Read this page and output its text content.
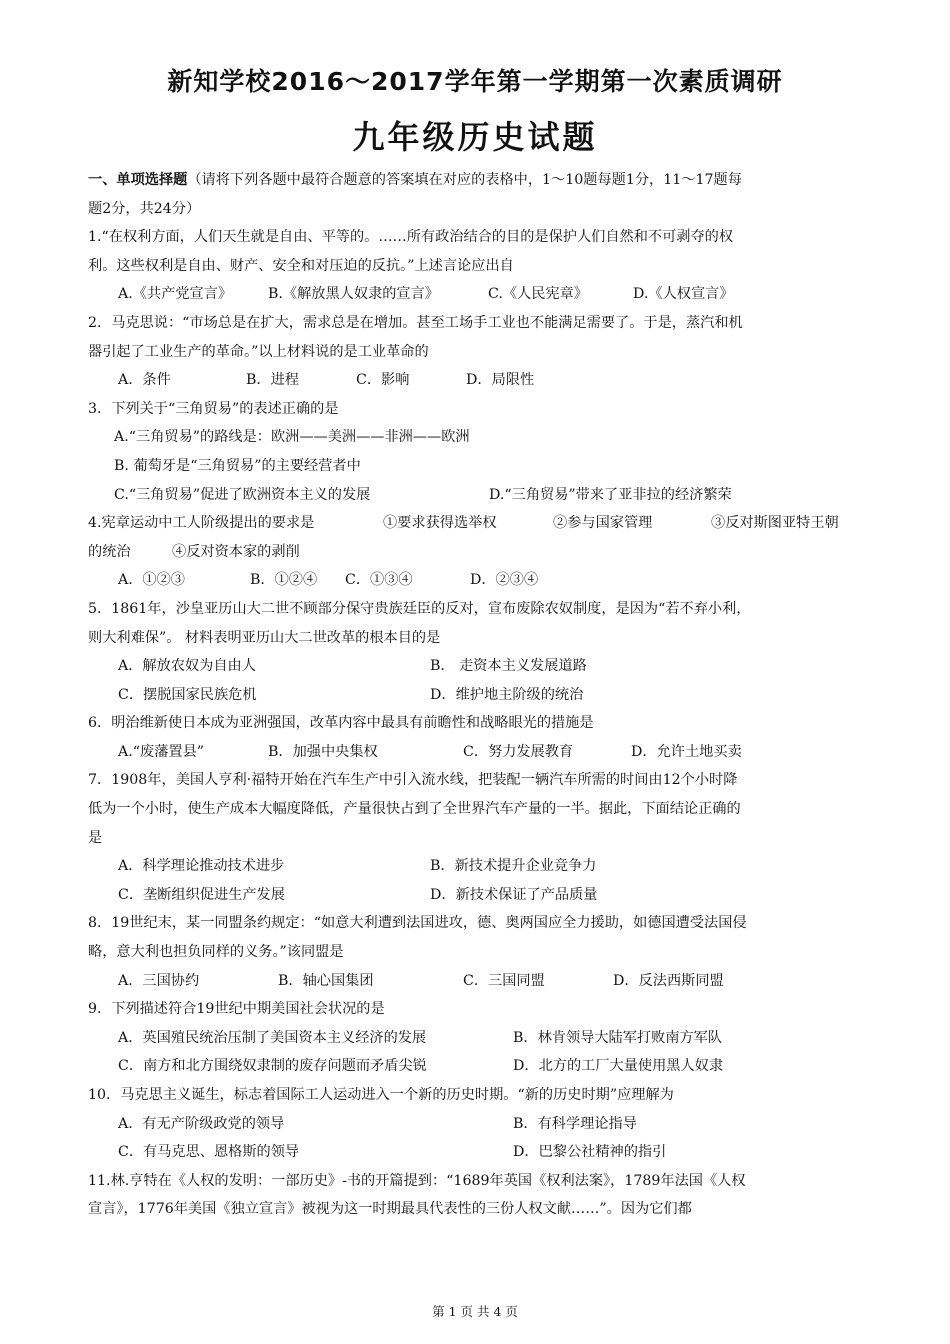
新知学校2016～2017学年第一学期第一次素质调研
九年级历史试题
一、单项选择题（请将下列各题中最符合题意的答案填在对应的表格中，1～10题每题1分，11～17题每
题2分，共24分）
1.“在权利方面，人们天生就是自由、平等的。……所有政治结合的目的是保护人们自然和不可剥夺的权
利。这些权利是自由、财产、安全和对压迫的反抗。”上述言论应出自
A.《共产党宣言》	B.《解放黑人奴隶的宣言》	C.《人民宪章》	D.《人权宣言》
2．马克思说：“市场总是在扩大，需求总是在增加。甚至工场手工业也不能满足需要了。于是，蒸汽和机
器引起了工业生产的革命。”以上材料说的是工业革命的
A．条件	B．进程	C．影响	D．局限性
3．下列关于“三角贸易”的表述正确的是
A.“三角贸易”的路线是：欧洲——美洲——非洲——欧洲
B. 葡萄牙是“三角贸易”的主要经营者中
C.“三角贸易”促进了欧洲资本主义的发展	D.“三角贸易”带来了亚非拉的经济繁荣
4.宪章运动中工人阶级提出的要求是	①要求获得选举权	②参与国家管理	③反对斯图亚特王朝
的统治	④反对资本家的剥削
A．①②③	B．①②④ C．①③④	D．②③④
5．1861年，沙皇亚历山大二世不顾部分保守贵族廷臣的反对，宣布废除农奴制度，是因为“若不弃小利，
则大利难保”。 材料表明亚历山大二世改革的根本目的是
A．解放农奴为自由人	B． 走资本主义发展道路
C．摆脱国家民族危机	D．维护地主阶级的统治
6．明治维新使日本成为亚洲强国，改革内容中最具有前瞻性和战略眼光的措施是
A.“废藩置县”	B．加强中央集权	C．努力发展教育	D．允许土地买卖
7．1908年，美国人亨利·福特开始在汽车生产中引入流水线，把装配一辆汽车所需的时间由12个小时降
低为一个小时，使生产成本大幅度降低，产量很快占到了全世界汽车产量的一半。据此，下面结论正确的
是
A．科学理论推动技术进步	B．新技术提升企业竞争力
C．垄断组织促进生产发展	D．新技术保证了产品质量
8．19世纪末，某一同盟条约规定：“如意大利遭到法国进攻，德、奥两国应全力援助，如德国遭受法国侵
略，意大利也担负同样的义务。”该同盟是
A．三国协约	B．轴心国集团	C．三国同盟	D．反法西斯同盟
9．下列描述符合19世纪中期美国社会状况的是
A．英国殖民统治压制了美国资本主义经济的发展	B．林肯领导大陆军打败南方军队
C．南方和北方围绕奴隶制的废存问题而矛盾尖锐	D．北方的工厂大量使用黑人奴隶
10．马克思主义诞生，标志着国际工人运动进入一个新的历史时期。“新的历史时期”应理解为
A．有无产阶级政党的领导	B．有科学理论指导
C．有马克思、恩格斯的领导	D．巴黎公社精神的指引
11.林.亨特在《人权的发明：一部历史》-书的开篇提到：“1689年英国《权利法案》，1789年法国《人权
宣言》，1776年美国《独立宣言》被视为这一时期最具代表性的三份人权文献……”。因为它们都
第 1 页 共 4 页
